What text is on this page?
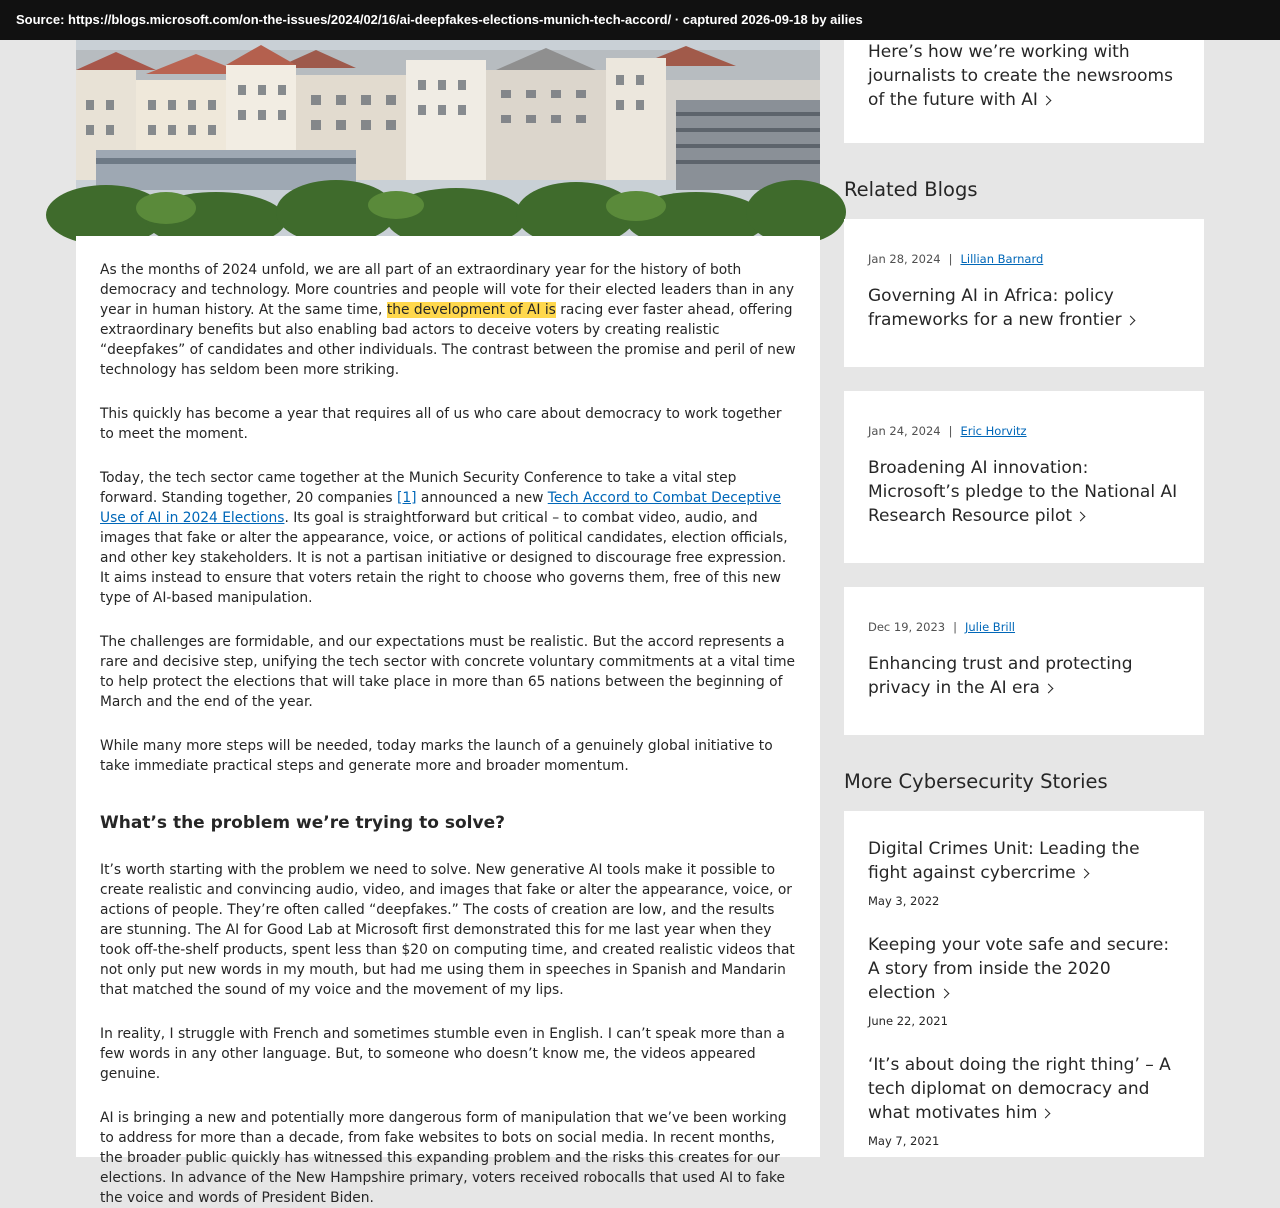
Source: https://blogs.microsoft.com/on-the-issues/2024/02/16/ai-deepfakes-elections-munich-tech-accord/ · captured 2026-09-18 by ailies

As the months of 2024 unfold, we are all part of an extraordinary year for the history of both democracy and technology. More countries and people will vote for their elected leaders than in any year in human history. At the same time, the development of AI is racing ever faster ahead, offering extraordinary benefits but also enabling bad actors to deceive voters by creating realistic “deepfakes” of candidates and other individuals. The contrast between the promise and peril of new technology has seldom been more striking.

This quickly has become a year that requires all of us who care about democracy to work together to meet the moment.

Today, the tech sector came together at the Munich Security Conference to take a vital step forward. Standing together, 20 companies [1] announced a new Tech Accord to Combat Deceptive Use of AI in 2024 Elections. Its goal is straightforward but critical – to combat video, audio, and images that fake or alter the appearance, voice, or actions of political candidates, election officials, and other key stakeholders. It is not a partisan initiative or designed to discourage free expression. It aims instead to ensure that voters retain the right to choose who governs them, free of this new type of AI-based manipulation.

The challenges are formidable, and our expectations must be realistic. But the accord represents a rare and decisive step, unifying the tech sector with concrete voluntary commitments at a vital time to help protect the elections that will take place in more than 65 nations between the beginning of March and the end of the year.

While many more steps will be needed, today marks the launch of a genuinely global initiative to take immediate practical steps and generate more and broader momentum.

What’s the problem we’re trying to solve?

It’s worth starting with the problem we need to solve. New generative AI tools make it possible to create realistic and convincing audio, video, and images that fake or alter the appearance, voice, or actions of people. They’re often called “deepfakes.” The costs of creation are low, and the results are stunning. The AI for Good Lab at Microsoft first demonstrated this for me last year when they took off-the-shelf products, spent less than $20 on computing time, and created realistic videos that not only put new words in my mouth, but had me using them in speeches in Spanish and Mandarin that matched the sound of my voice and the movement of my lips.

In reality, I struggle with French and sometimes stumble even in English. I can’t speak more than a few words in any other language. But, to someone who doesn’t know me, the videos appeared genuine.

AI is bringing a new and potentially more dangerous form of manipulation that we’ve been working to address for more than a decade, from fake websites to bots on social media. In recent months, the broader public quickly has witnessed this expanding problem and the risks this creates for our elections. In advance of the New Hampshire primary, voters received robocalls that used AI to fake the voice and words of President Biden.

Here’s how we’re working with journalists to create the newsrooms of the future with AI
Related Blogs
Jan 28, 2024 | Lillian Barnard
Governing AI in Africa: policy frameworks for a new frontier
Jan 24, 2024 | Eric Horvitz
Broadening AI innovation: Microsoft’s pledge to the National AI Research Resource pilot
Dec 19, 2023 | Julie Brill
Enhancing trust and protecting privacy in the AI era
More Cybersecurity Stories
Digital Crimes Unit: Leading the fight against cybercrime
May 3, 2022
Keeping your vote safe and secure: A story from inside the 2020 election
June 22, 2021
‘It’s about doing the right thing’ – A tech diplomat on democracy and what motivates him
May 7, 2021
